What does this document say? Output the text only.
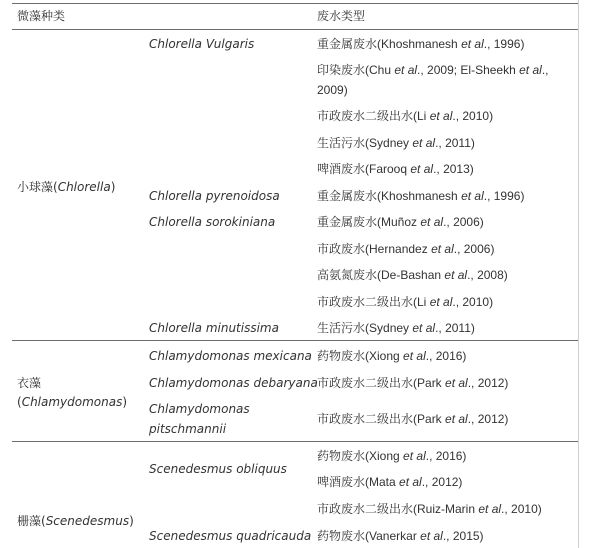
微藻种类	废水类型
小球藻(Chlorella)
Chlorella Vulgaris
Chlorella pyrenoidosa
Chlorella sorokiniana
Chlorella minutissima
重金属废水(Khoshmanesh et al., 1996)
印染废水(Chu et al., 2009; El-Sheekh et al.,
2009)
市政废水二级出水(Li et al., 2010)
生活污水(Sydney et al., 2011)
啤酒废水(Farooq et al., 2013)
重金属废水(Khoshmanesh et al., 1996)
重金属废水(Muñoz et al., 2006)
市政废水(Hernandez et al., 2006)
高氨氮废水(De-Bashan et al., 2008)
市政废水二级出水(Li et al., 2010)
生活污水(Sydney et al., 2011)
衣藻
(Chlamydomonas)
Chlamydomonas mexicana
Chlamydomonas debaryana
Chlamydomonas
pitschmannii
药物废水(Xiong et al., 2016)
市政废水二级出水(Park et al., 2012)
市政废水二级出水(Park et al., 2012)
栅藻(Scenedesmus)
Scenedesmus obliquus
Scenedesmus quadricauda
药物废水(Xiong et al., 2016)
啤酒废水(Mata et al., 2012)
市政废水二级出水(Ruiz-Marin et al., 2010)
药物废水(Vanerkar et al., 2015)
